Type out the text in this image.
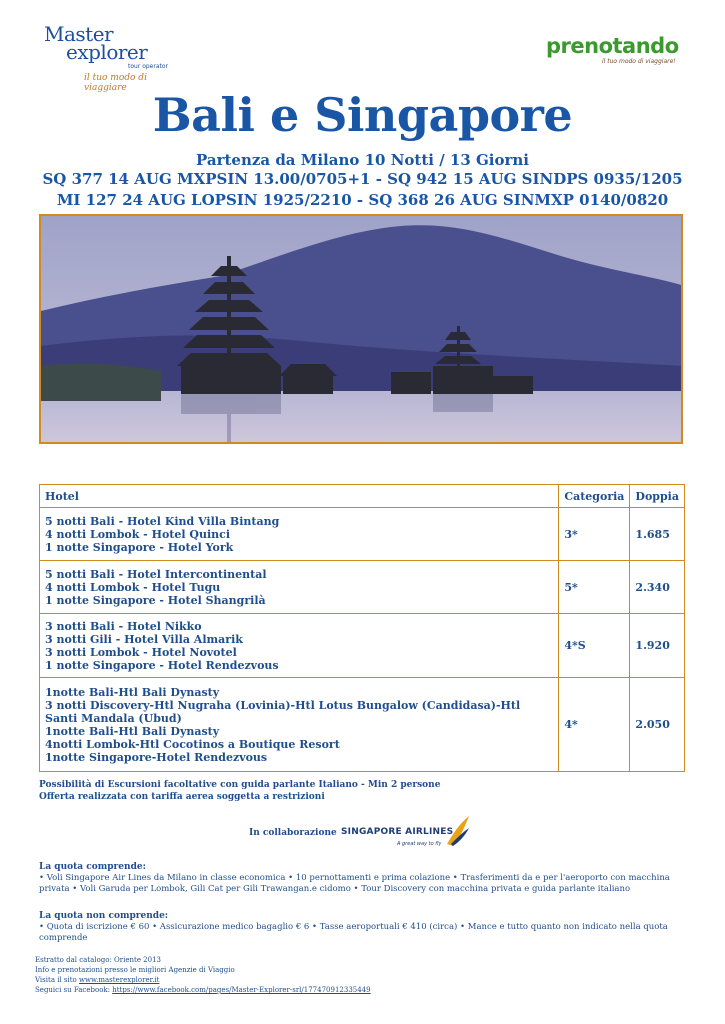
Master
explorer
tour operator
il tuo modo di viaggiare
prenotando
il tuo modo di viaggiare!
Bali e Singapore
Partenza da Milano 10 Notti / 13 Giorni
SQ 377 14 AUG MXPSIN 13.00/0705+1 - SQ 942 15 AUG SINDPS 0935/1205
MI 127 24 AUG LOPSIN 1925/2210 - SQ 368 26 AUG SINMXP 0140/0820
Hotel	Categoria	Doppia

5 notti Bali - Hotel Kind Villa Bintang
4 notti Lombok - Hotel Quinci
1 notte Singapore - Hotel York	3*	1.685

5 notti Bali - Hotel Intercontinental
4 notti Lombok - Hotel Tugu
1 notte Singapore - Hotel Shangrilà	5*	2.340

3 notti Bali - Hotel Nikko
3 notti Gili - Hotel Villa Almarik
3 notti Lombok - Hotel Novotel
1 notte Singapore - Hotel Rendezvous	4*S	1.920

1notte Bali-Htl Bali Dynasty
3 notti Discovery-Htl Nugraha (Lovinia)-Htl Lotus Bungalow (Candidasa)-Htl Santi Mandala (Ubud)
1notte Bali-Htl Bali Dynasty
4notti Lombok-Htl Cocotinos a Boutique Resort
1notte Singapore-Hotel Rendezvous	4*	2.050
Possibilità di Escursioni facoltative con guida parlante Italiano - Min 2 persone
Offerta realizzata con tariffa aerea soggetta a restrizioni
In collaborazione SINGAPORE AIRLINES
A great way to fly
La quota comprende:
• Voli Singapore Air Lines da Milano in classe economica • 10 pernottamenti e prima colazione • Trasferimenti da e per l'aeroporto con macchina privata • Voli Garuda per Lombok, Gili Cat per Gili Trawangan.e cidomo • Tour Discovery con macchina privata e guida parlante italiano
La quota non comprende:
• Quota di iscrizione € 60 • Assicurazione medico bagaglio € 6 • Tasse aeroportuali € 410 (circa) • Mance e tutto quanto non indicato nella quota comprende
Estratto dal catalogo: Oriente 2013
Info e prenotazioni presso le migliori Agenzie di Viaggio
Visita il sito www.masterexplorer.it
Seguici su Facebook: https://www.facebook.com/pages/Master-Explorer-srl/177470912335449
